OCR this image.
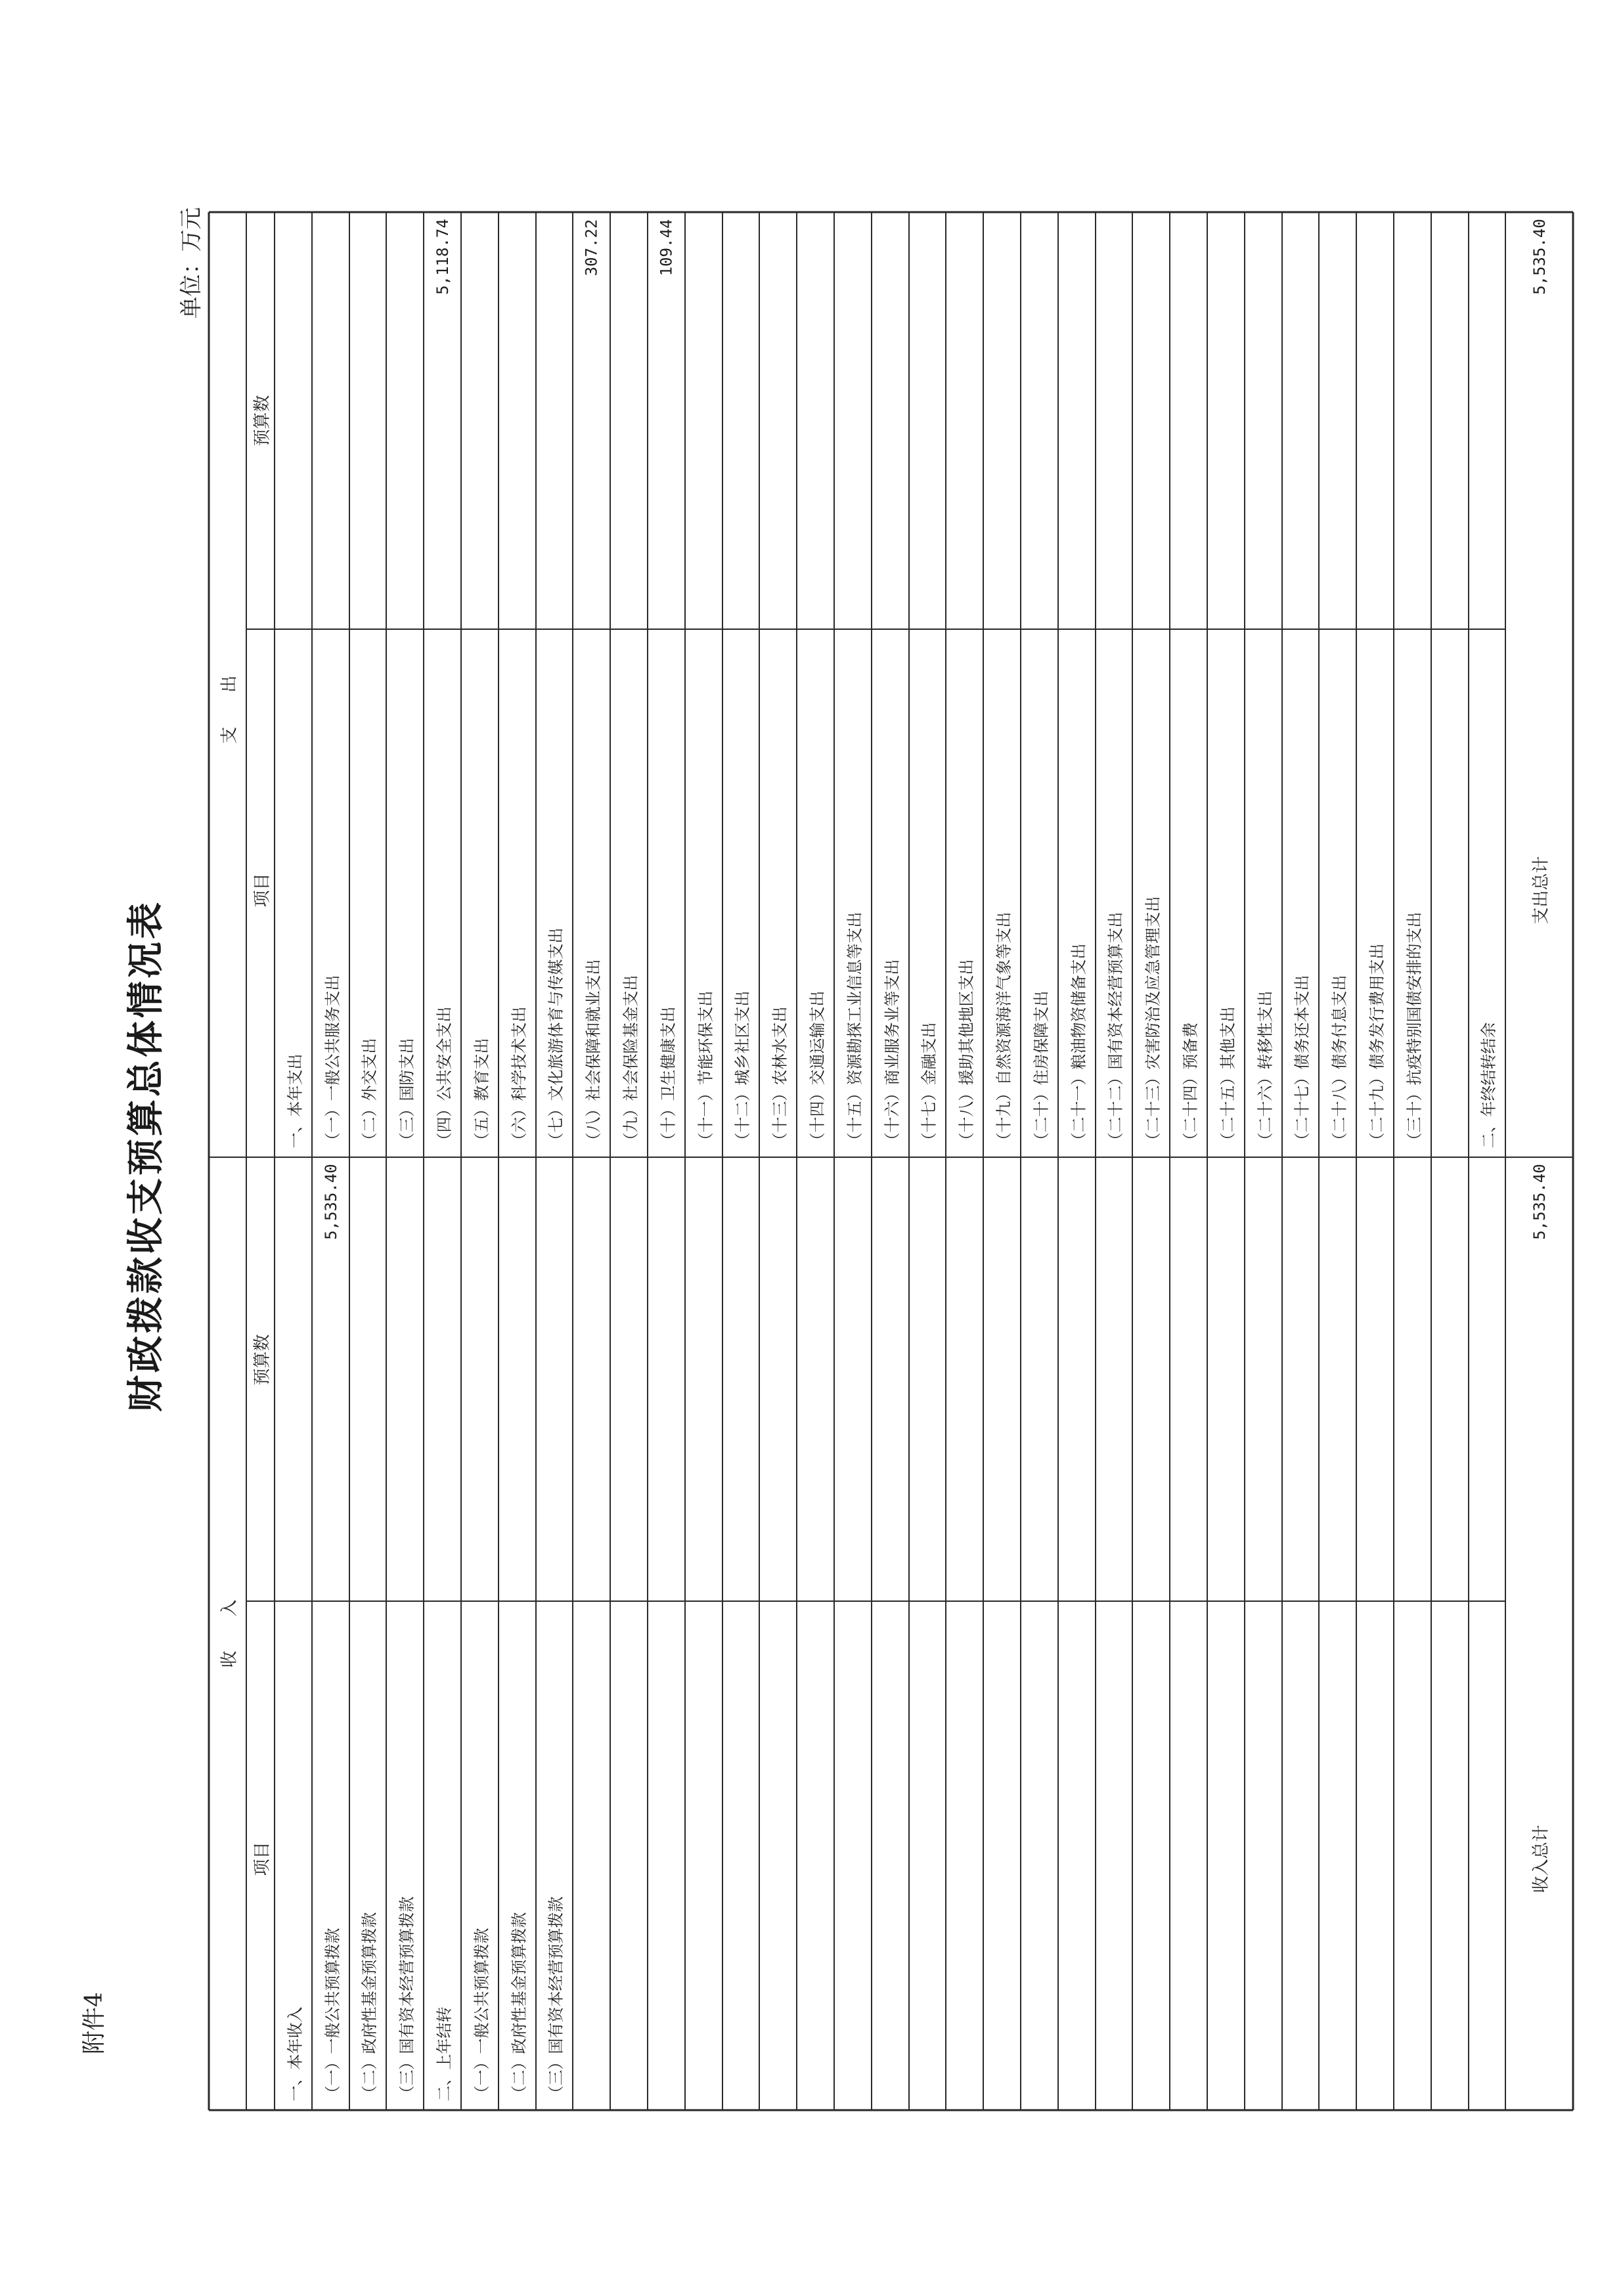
附件4
财政拨款收支预算总体情况表
单位：万元
收　　入
支　　出
项目
预算数
项目
预算数
一、本年收入 （一）一般公共预算拨款
5,535.40
（二）政府性基金预算拨款 （三）国有资本经营预算拨款 二、上年结转 （一）一般公共预算拨款 （二）政府性基金预算拨款 （三）国有资本经营预算拨款
一、本年支出 （一）一般公共服务支出 （二）外交支出 （三）国防支出 （四）公共安全支出
5,118.74
（五）教育支出 （六）科学技术支出 （七）文化旅游体育与传媒支出 （八）社会保障和就业支出
307.22
（九）社会保险基金支出 （十）卫生健康支出
109.44
（十一）节能环保支出 （十二）城乡社区支出 （十三）农林水支出 （十四）交通运输支出 （十五）资源勘探工业信息等支出 （十六）商业服务业等支出 （十七）金融支出 （十八）援助其他地区支出 （十九）自然资源海洋气象等支出 （二十）住房保障支出 （二十一）粮油物资储备支出 （二十二）国有资本经营预算支出 （二十三）灾害防治及应急管理支出 （二十四）预备费 （二十五）其他支出 （二十六）转移性支出 （二十七）债务还本支出 （二十八）债务付息支出 （二十九）债务发行费用支出 （三十）抗疫特别国债安排的支出	二、年终结转结余
收入总计
5,535.40
支出总计
5,535.40
